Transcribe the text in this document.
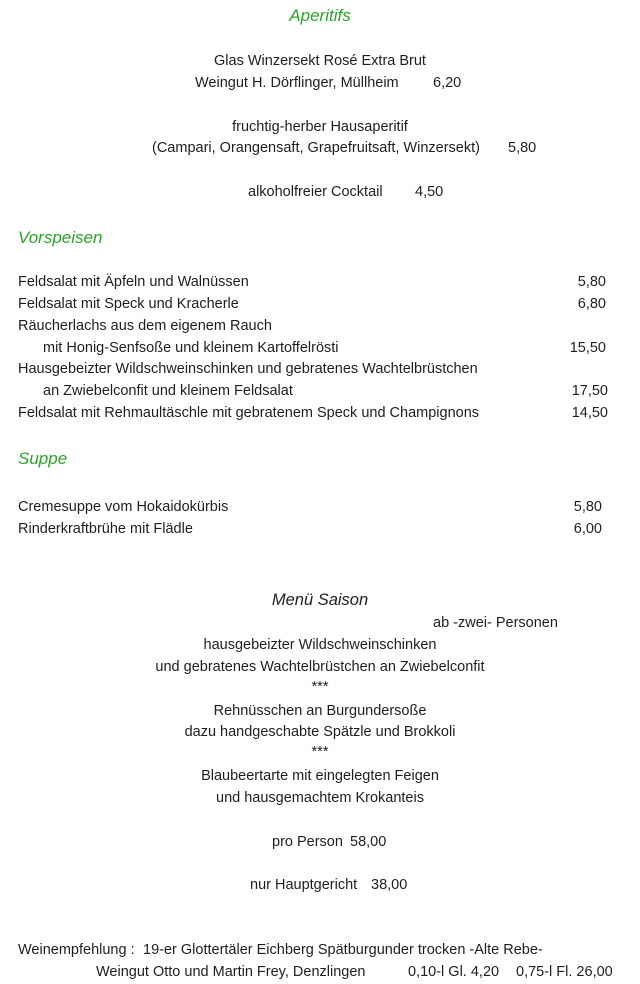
Aperitifs
Glas Winzersekt Rosé Extra Brut
Weingut H. Dörflinger, Müllheim 6,20
fruchtig-herber Hausaperitif
(Campari, Orangensaft, Grapefruitsaft, Winzersekt) 5,80
alkoholfreier Cocktail 4,50
Vorspeisen
Feldsalat mit Äpfeln und Walnüssen	5,80
Feldsalat mit Speck und Kracherle	6,80
Räucherlachs aus dem eigenem Rauch
mit Honig-Senfsoße und kleinem Kartoffelrösti	15,50
Hausgebeizter Wildschweinschinken und gebratenes Wachtelbrüstchen
an Zwiebelconfit und kleinem Feldsalat	17,50
Feldsalat mit Rehmaultäschle mit gebratenem Speck und Champignons	14,50
Suppe
Cremesuppe vom Hokaidokürbis	5,80
Rinderkraftbrühe mit Flädle	6,00
Menü Saison
ab -zwei- Personen
hausgebeizter Wildschweinschinken
und gebratenes Wachtelbrüstchen an Zwiebelconfit
***
Rehnüsschen an Burgundersoße
dazu handgeschabte Spätzle und Brokkoli
***
Blaubeertarte mit eingelegten Feigen
und hausgemachtem Krokanteis
pro Person 58,00
nur Hauptgericht 38,00
Weinempfehlung : 19-er Glottertäler Eichberg Spätburgunder trocken -Alte Rebe-
Weingut Otto und Martin Frey, Denzlingen	0,10-l Gl. 4,20 0,75-l Fl. 26,00
